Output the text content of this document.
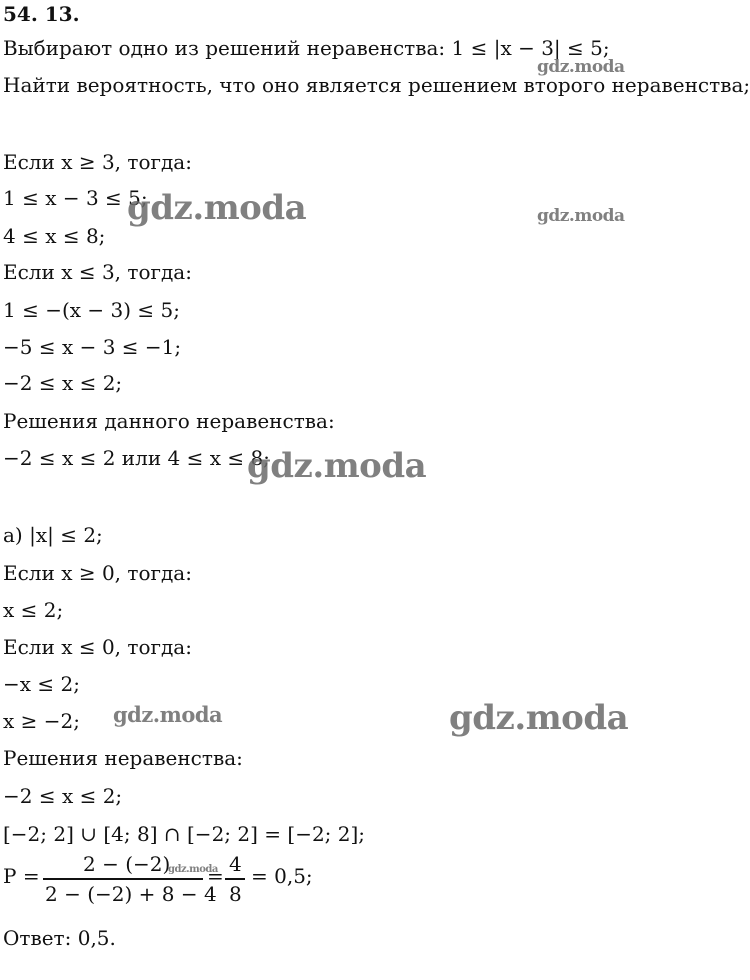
54. 13.
Выбирают одно из решений неравенства: 1 ≤ |x − 3| ≤ 5;
Найти вероятность, что оно является решением второго неравенства;
Если x ≥ 3, тогда:
1 ≤ x − 3 ≤ 5;
4 ≤ x ≤ 8;
Если x ≤ 3, тогда:
1 ≤ −(x − 3) ≤ 5;
−5 ≤ x − 3 ≤ −1;
−2 ≤ x ≤ 2;
Решения данного неравенства:
−2 ≤ x ≤ 2 или 4 ≤ x ≤ 8;
а) |x| ≤ 2;
Если x ≥ 0, тогда:
x ≤ 2;
Если x ≤ 0, тогда:
−x ≤ 2;
x ≥ −2;
Решения неравенства:
−2 ≤ x ≤ 2;
[−2; 2] ∪ [4; 8] ∩ [−2; 2] = [−2; 2];
P = 2 − (−2)
2 − (−2) + 8 − 4
= 4
8
= 0,5;
Ответ: 0,5.
gdz.moda
gdz.moda	gdz.moda
gdz.moda
gdz.moda	gdz.moda
gdz.moda
